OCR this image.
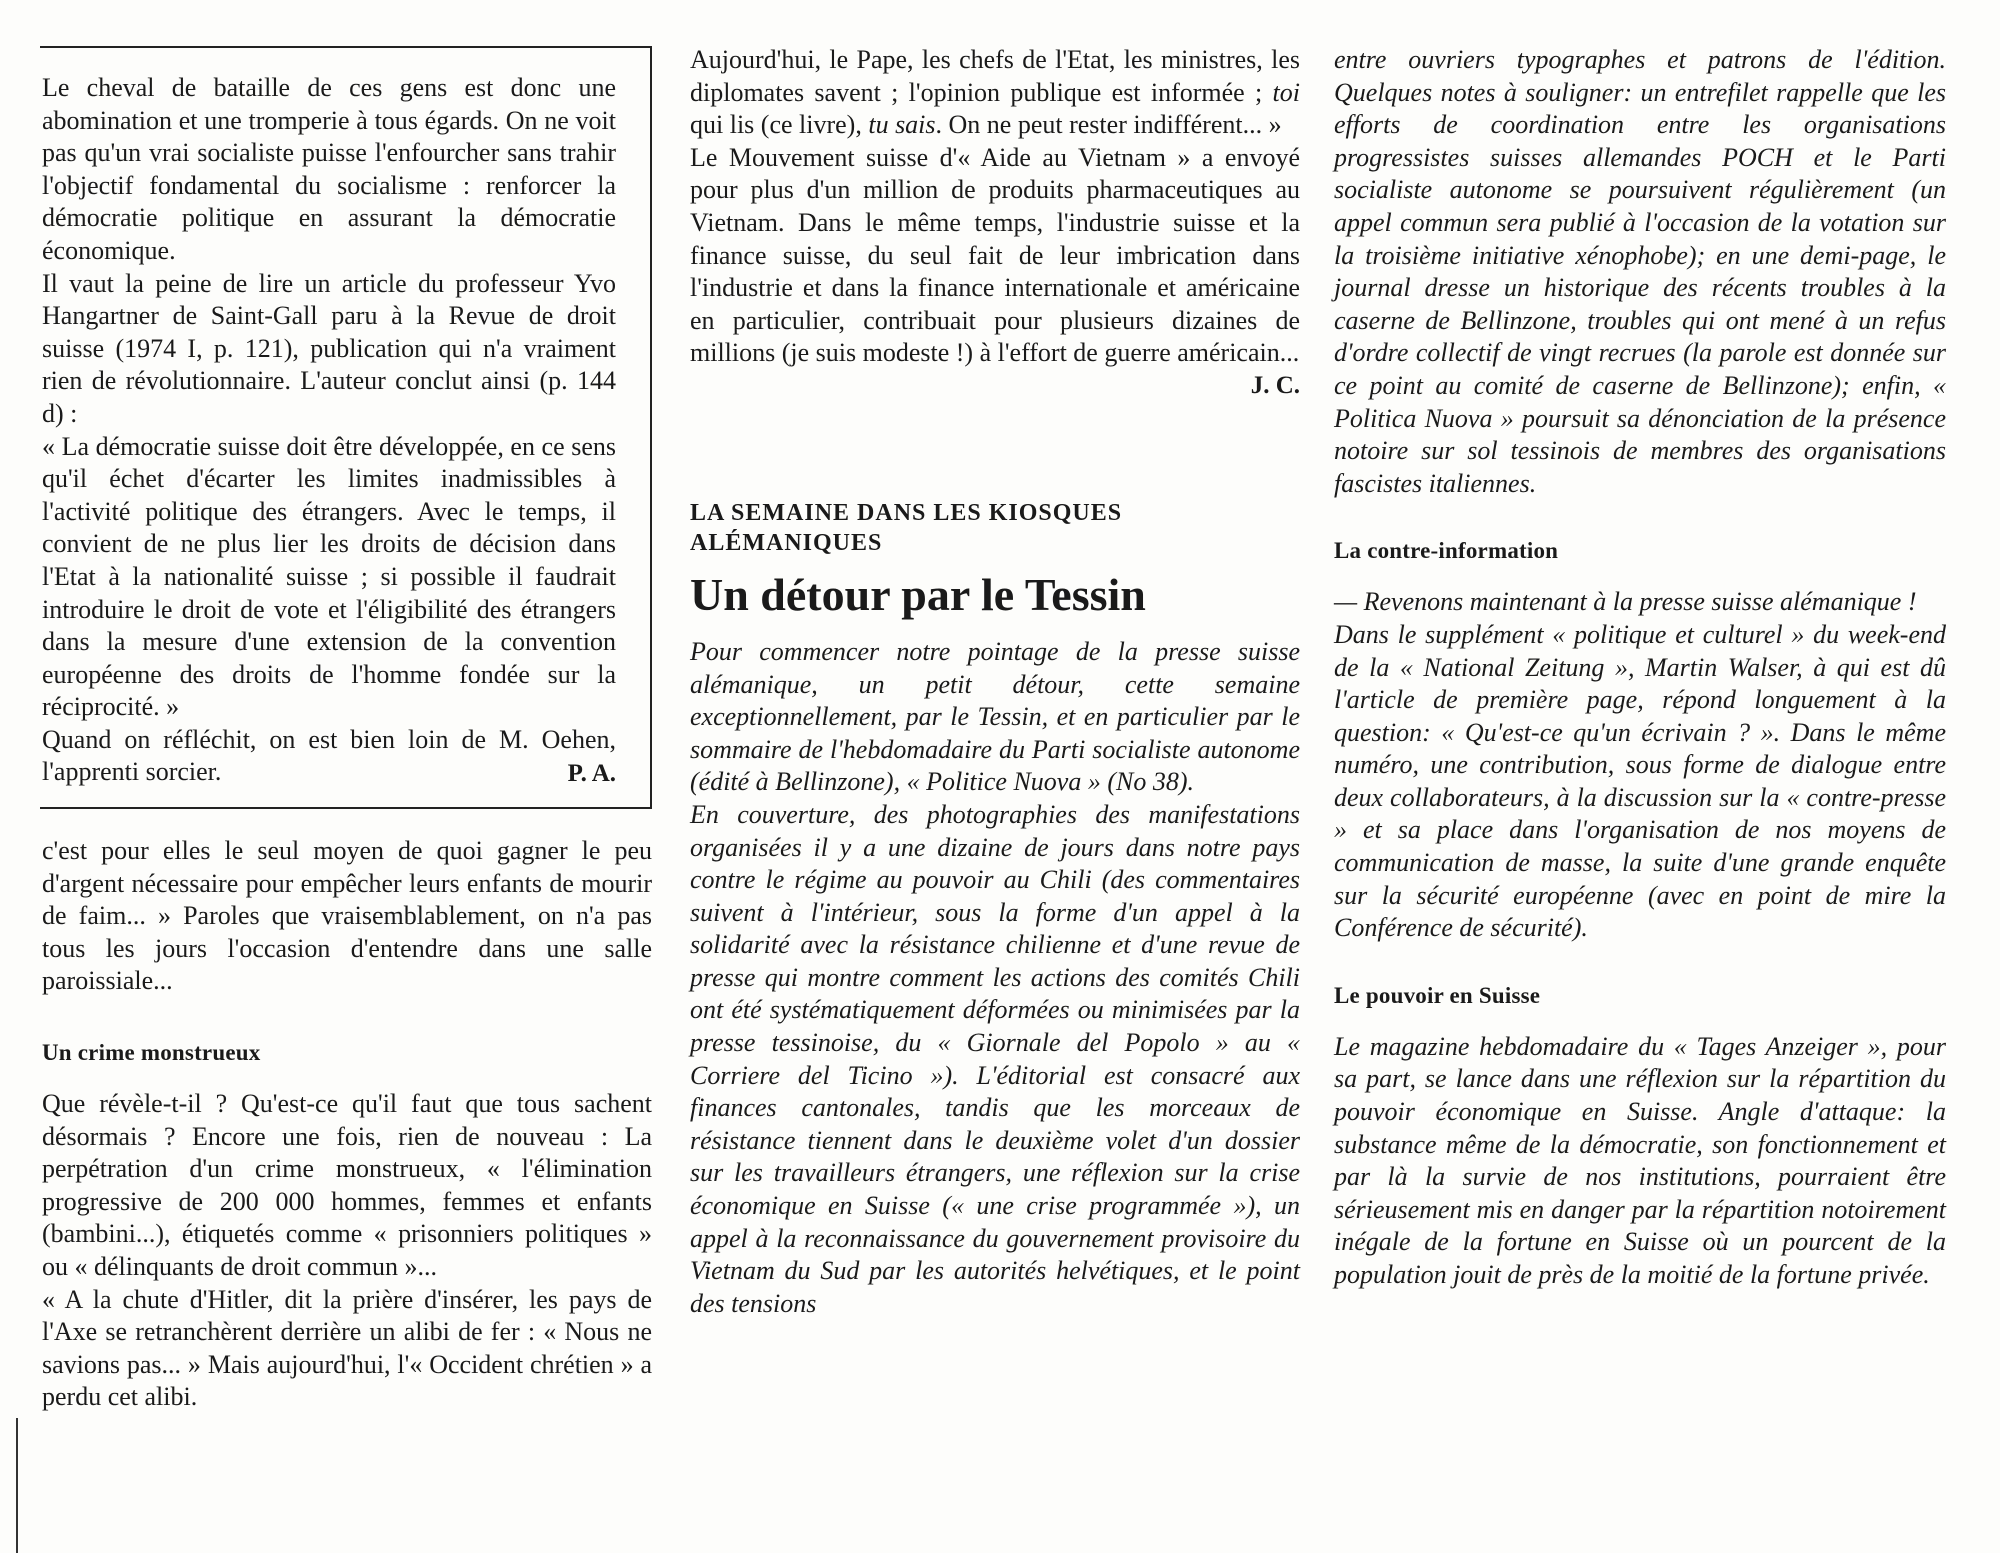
Le cheval de bataille de ces gens est donc une abomination et une tromperie à tous égards. On ne voit pas qu'un vrai socialiste puisse l'enfourcher sans trahir l'objectif fondamental du socialisme : renforcer la démocratie politique en assurant la démocratie économique.

Il vaut la peine de lire un article du professeur Yvo Hangartner de Saint-Gall paru à la Revue de droit suisse (1974 I, p. 121), publication qui n'a vraiment rien de révolutionnaire. L'auteur conclut ainsi (p. 144 d) :

« La démocratie suisse doit être développée, en ce sens qu'il échet d'écarter les limites inadmissibles à l'activité politique des étrangers. Avec le temps, il convient de ne plus lier les droits de décision dans l'Etat à la nationalité suisse ; si possible il faudrait introduire le droit de vote et l'éligibilité des étrangers dans la mesure d'une extension de la convention européenne des droits de l'homme fondée sur la réciprocité. »

Quand on réfléchit, on est bien loin de M. Oehen, l'apprenti sorcier.	P. A.

c'est pour elles le seul moyen de quoi gagner le peu d'argent nécessaire pour empêcher leurs enfants de mourir de faim... » Paroles que vraisemblablement, on n'a pas tous les jours l'occasion d'entendre dans une salle paroissiale...

Un crime monstrueux

Que révèle-t-il ? Qu'est-ce qu'il faut que tous sachent désormais ? Encore une fois, rien de nouveau : La perpétration d'un crime monstrueux, « l'élimination progressive de 200 000 hommes, femmes et enfants (bambini...), étiquetés comme « prisonniers politiques » ou « délinquants de droit commun »...

« A la chute d'Hitler, dit la prière d'insérer, les pays de l'Axe se retranchèrent derrière un alibi de fer : « Nous ne savions pas... » Mais aujourd'hui, l'« Occident chrétien » a perdu cet alibi.

Aujourd'hui, le Pape, les chefs de l'Etat, les ministres, les diplomates savent ; l'opinion publique est informée ; toi qui lis (ce livre), tu sais. On ne peut rester indifférent... »

Le Mouvement suisse d'« Aide au Vietnam » a envoyé pour plus d'un million de produits pharmaceutiques au Vietnam. Dans le même temps, l'industrie suisse et la finance suisse, du seul fait de leur imbrication dans l'industrie et dans la finance internationale et américaine en particulier, contribuait pour plusieurs dizaines de millions (je suis modeste !) à l'effort de guerre américain...

J. C.
LA SEMAINE DANS LES KIOSQUES ALÉMANIQUES
Un détour par le Tessin

Pour commencer notre pointage de la presse suisse alémanique, un petit détour, cette semaine exceptionnellement, par le Tessin, et en particulier par le sommaire de l'hebdomadaire du Parti socialiste autonome (édité à Bellinzone), « Politice Nuova » (No 38).

En couverture, des photographies des manifestations organisées il y a une dizaine de jours dans notre pays contre le régime au pouvoir au Chili (des commentaires suivent à l'intérieur, sous la forme d'un appel à la solidarité avec la résistance chilienne et d'une revue de presse qui montre comment les actions des comités Chili ont été systématiquement déformées ou minimisées par la presse tessinoise, du « Giornale del Popolo » au « Corriere del Ticino »). L'éditorial est consacré aux finances cantonales, tandis que les morceaux de résistance tiennent dans le deuxième volet d'un dossier sur les travailleurs étrangers, une réflexion sur la crise économique en Suisse (« une crise programmée »), un appel à la reconnaissance du gouvernement provisoire du Vietnam du Sud par les autorités helvétiques, et le point des tensions

entre ouvriers typographes et patrons de l'édition. Quelques notes à souligner: un entrefilet rappelle que les efforts de coordination entre les organisations progressistes suisses allemandes POCH et le Parti socialiste autonome se poursuivent régulièrement (un appel commun sera publié à l'occasion de la votation sur la troisième initiative xénophobe); en une demi-page, le journal dresse un historique des récents troubles à la caserne de Bellinzone, troubles qui ont mené à un refus d'ordre collectif de vingt recrues (la parole est donnée sur ce point au comité de caserne de Bellinzone); enfin, « Politica Nuova » poursuit sa dénonciation de la présence notoire sur sol tessinois de membres des organisations fascistes italiennes.

La contre-information

— Revenons maintenant à la presse suisse alémanique !

Dans le supplément « politique et culturel » du week-end de la « National Zeitung », Martin Walser, à qui est dû l'article de première page, répond longuement à la question: « Qu'est-ce qu'un écrivain ? ». Dans le même numéro, une contribution, sous forme de dialogue entre deux collaborateurs, à la discussion sur la « contre-presse » et sa place dans l'organisation de nos moyens de communication de masse, la suite d'une grande enquête sur la sécurité européenne (avec en point de mire la Conférence de sécurité).

Le pouvoir en Suisse

Le magazine hebdomadaire du « Tages Anzeiger », pour sa part, se lance dans une réflexion sur la répartition du pouvoir économique en Suisse. Angle d'attaque: la substance même de la démocratie, son fonctionnement et par là la survie de nos institutions, pourraient être sérieusement mis en danger par la répartition notoirement inégale de la fortune en Suisse où un pourcent de la population jouit de près de la moitié de la fortune privée.
